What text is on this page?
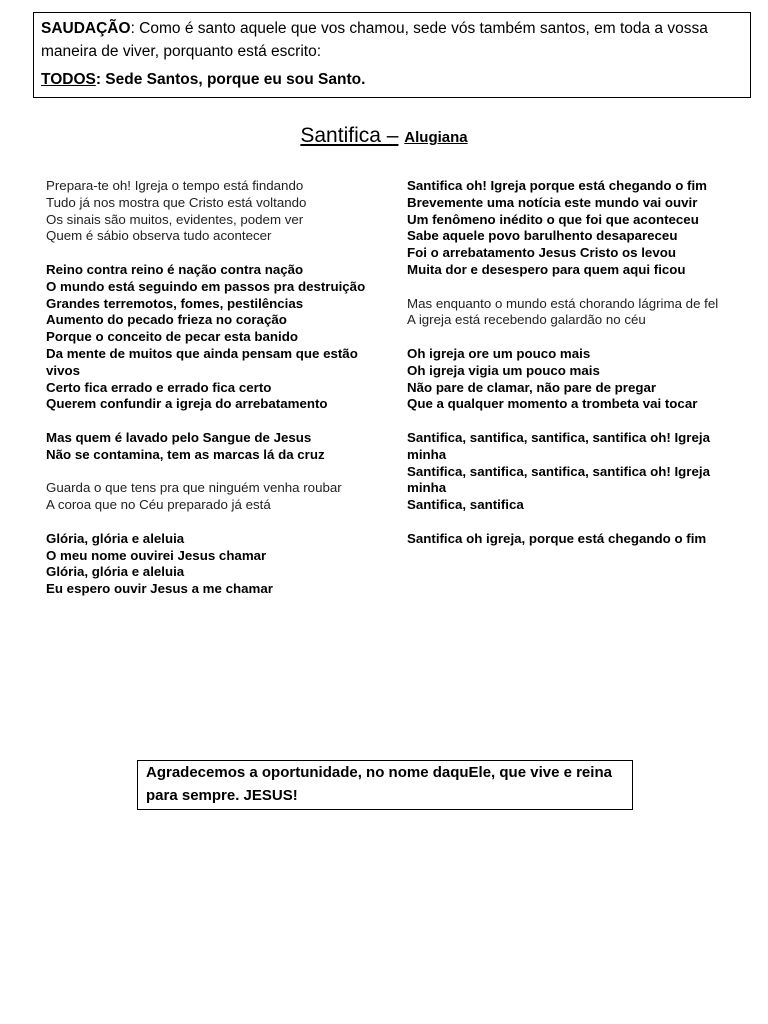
SAUDAÇÃO: Como é santo aquele que vos chamou, sede vós também santos, em toda a vossa maneira de viver, porquanto está escrito:

TODOS: Sede Santos, porque eu sou Santo.

Santifica – Alugiana
Prepara-te oh! Igreja o tempo está findando
Tudo já nos mostra que Cristo está voltando
Os sinais são muitos, evidentes, podem ver
Quem é sábio observa tudo acontecer
Reino contra reino é nação contra nação
O mundo está seguindo em passos pra destruição
Grandes terremotos, fomes, pestilências
Aumento do pecado frieza no coração
Porque o conceito de pecar esta banido
Da mente de muitos que ainda pensam que estão vivos
Certo fica errado e errado fica certo
Querem confundir a igreja do arrebatamento
Mas quem é lavado pelo Sangue de Jesus
Não se contamina, tem as marcas lá da cruz
Guarda o que tens pra que ninguém venha roubar
A coroa que no Céu preparado já está
Glória, glória e aleluia
O meu nome ouvirei Jesus chamar
Glória, glória e aleluia
Eu espero ouvir Jesus a me chamar
Santifica oh! Igreja porque está chegando o fim
Brevemente uma notícia este mundo vai ouvir
Um fenômeno inédito o que foi que aconteceu
Sabe aquele povo barulhento desapareceu
Foi o arrebatamento Jesus Cristo os levou
Muita dor e desespero para quem aqui ficou
Mas enquanto o mundo está chorando lágrima de fel
A igreja está recebendo galardão no céu
Oh igreja ore um pouco mais
Oh igreja vigia um pouco mais
Não pare de clamar, não pare de pregar
Que a qualquer momento a trombeta vai tocar
Santifica, santifica, santifica, santifica oh! Igreja minha
Santifica, santifica, santifica, santifica oh! Igreja minha
Santifica, santifica
Santifica oh igreja, porque está chegando o fim
Agradecemos a oportunidade, no nome daquEle, que vive e reina para sempre. JESUS!
